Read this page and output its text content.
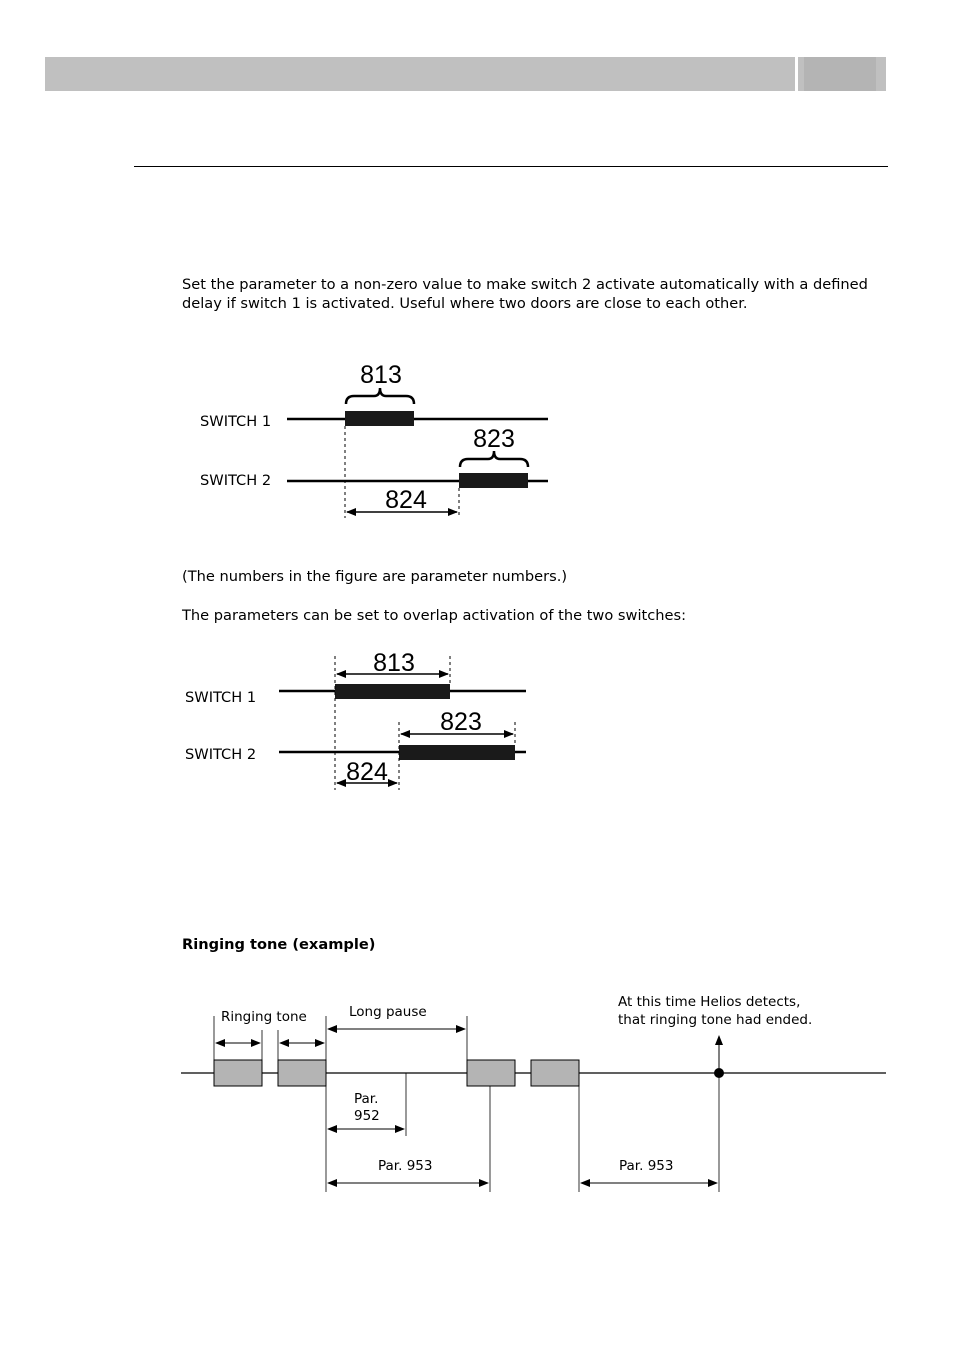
Set the parameter to a non-zero value to make switch 2 activate automatically with a defined delay if switch 1 is activated. Useful where two doors are close to each other.

(The numbers in the figure are parameter numbers.)

The parameters can be set to overlap activation of the two switches:

Ringing tone (example)
SWITCH 1
SWITCH 2
813
823
824
SWITCH 1
SWITCH 2
813
823
824
Ringing tone	Long pause
Par.
952
Par. 953	Par. 953
At this time Helios detects,
that ringing tone had ended.
